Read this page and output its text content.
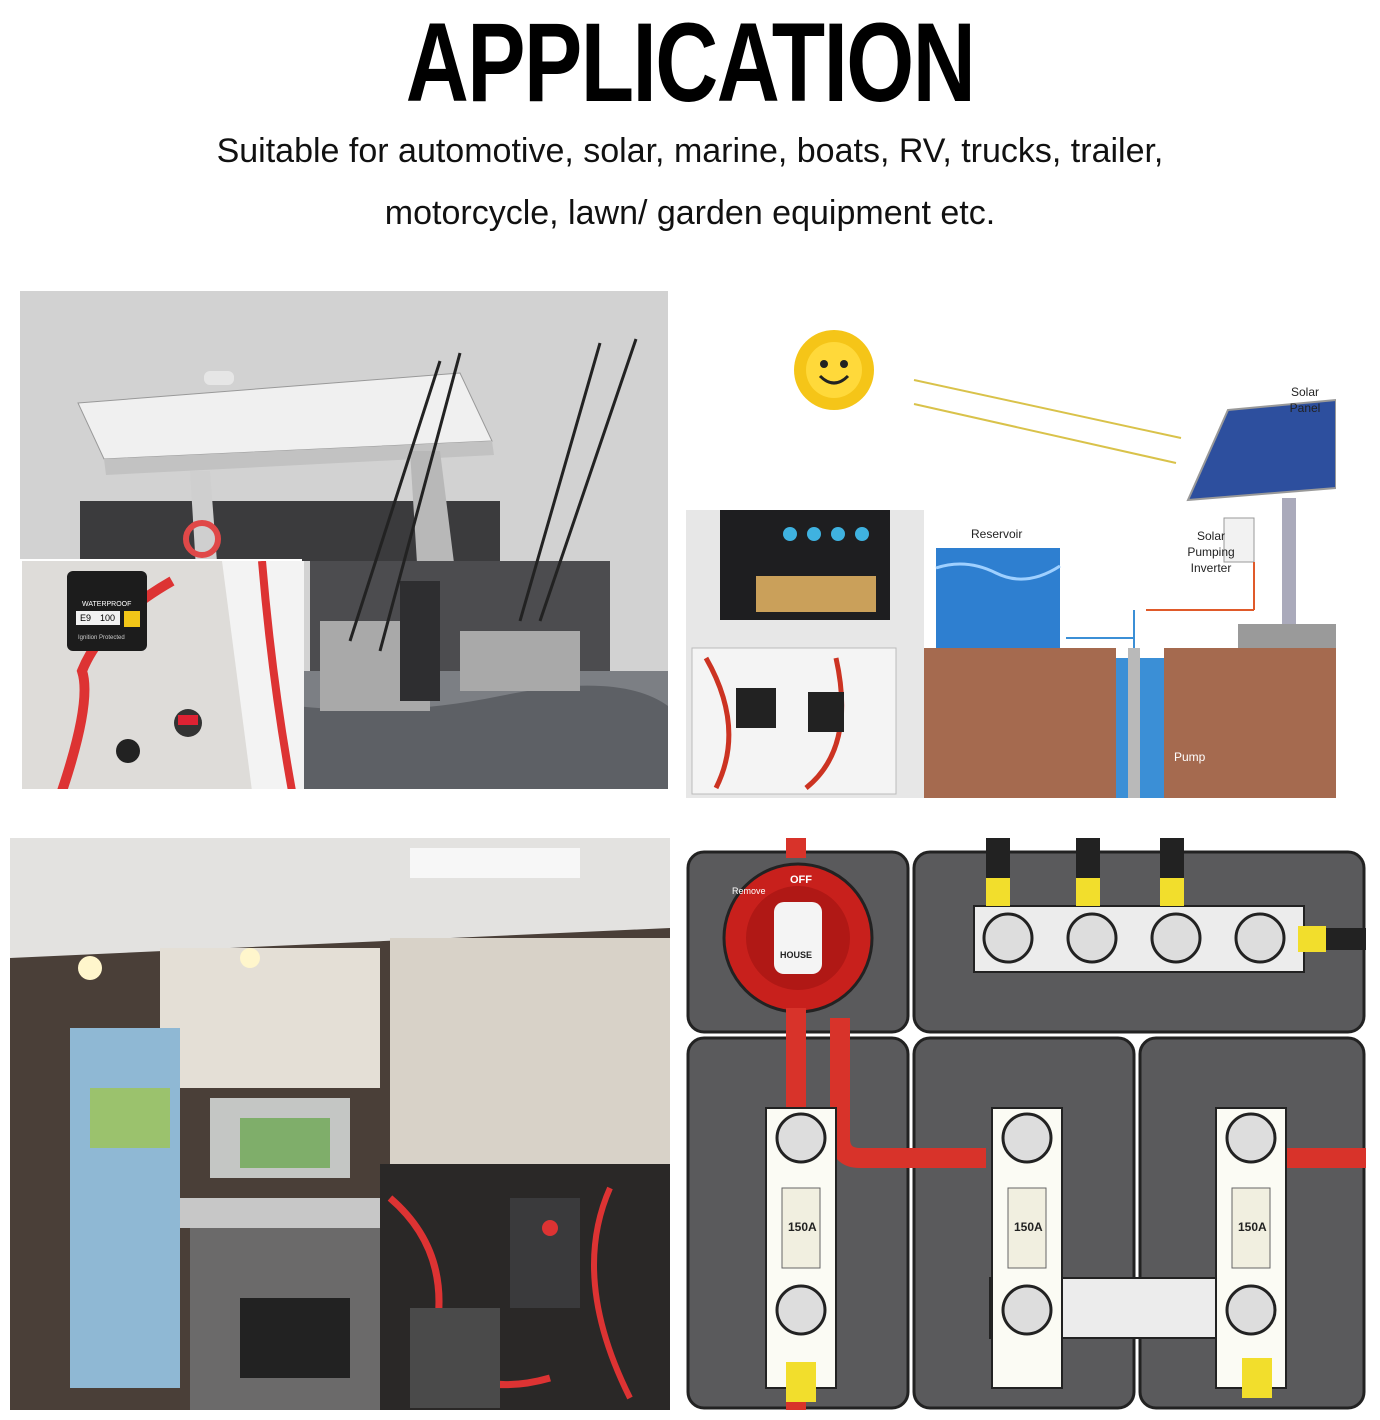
APPLICATION
Suitable for automotive, solar, marine, boats, RV, trucks, trailer,
motorcycle, lawn/ garden equipment etc.
WATERPROOF
E9 100
Ignition Protected
Solar Panel
Reservoir	Solar Pumping Inverter
Pump
OFF
Remove
HOUSE
150A	150A	150A
